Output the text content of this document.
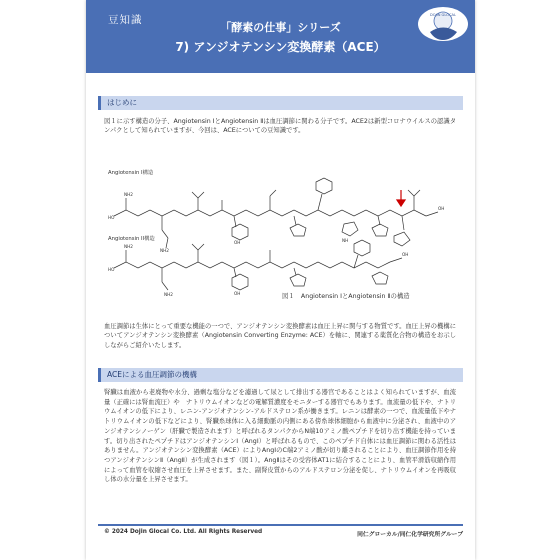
豆知識
「酵素の仕事」シリーズ
7) アンジオテンシン変換酵素（ACE）
DOJIN GLOCAL
はじめに
図１に示す構造の分子、Angiotensin ⅠとAngiotensin Ⅱは血圧調節に関わる分子です。ACE2は新型コロナウイルスの認識タンパクとして知られていますが、今回は、ACEについての豆知識です。
Angiotensin I構造
NH2
HO
NH2
OH
OH	NH
Angiotensin II構造
NH2
HO
NH2
OH
OH	図１　Angiotensin ⅠとAngiotensin Ⅱの構造
血圧調節は生体にとって重要な機能の一つで、アンジオテンシン変換酵素は血圧上昇に関与する物質です。血圧上昇の機構についてアンジオテンシン変換酵素（Angiotensin Converting Enzyme: ACE）を軸に、関連する薬質化合物の構造をお示ししながらご紹介いたします。
ACEによる血圧調節の機構
腎臓は血液から老廃物や水分、過剰な塩分などを濾過して尿として排出する器官であることはよく知られていますが、血流量（正確には腎血流圧）や　ナトリウムイオンなどの電解質濃度をモニターする器官でもあります。血流量の低下や、ナトリウムイオンの低下により、レニン-アンジオテンシン-アルドステロン系が働きます。レニンは酵素の一つで、血流量低下やナトリウムイオンの低下などにより、腎臓糸球体に入る細動脈の内側にある傍糸球体細胞から血液中に分泌され、血液中のアンジオテンシノーゲン（肝臓で製造されます）と呼ばれるタンパクからN端10アミノ酸ペプチドを切り出す機能を持っています。切り出されたペプチドはアンジオテンシンⅠ（AngⅠ）と呼ばれるもので、このペプチド自体には血圧調節に関わる活性はありません。アンジオテンシン変換酵素（ACE）によりAngⅠのC端2アミノ酸が切り離されることにより、血圧調節作用を持つアンジオテンシンⅡ（AngⅡ）が生成されます（図１）。AngⅡはその受容体AT1に結合することにより、血管平滑筋収縮作用によって血管を収縮させ血圧を上昇させます。また、副腎皮質からのアルドステロン分泌を促し、ナトリウムイオンを再吸収し体の水分量を上昇させます。
© 2024 Dojin Glocal Co. Ltd. All Rights Reserved	同仁グローカル/同仁化学研究所グループ
